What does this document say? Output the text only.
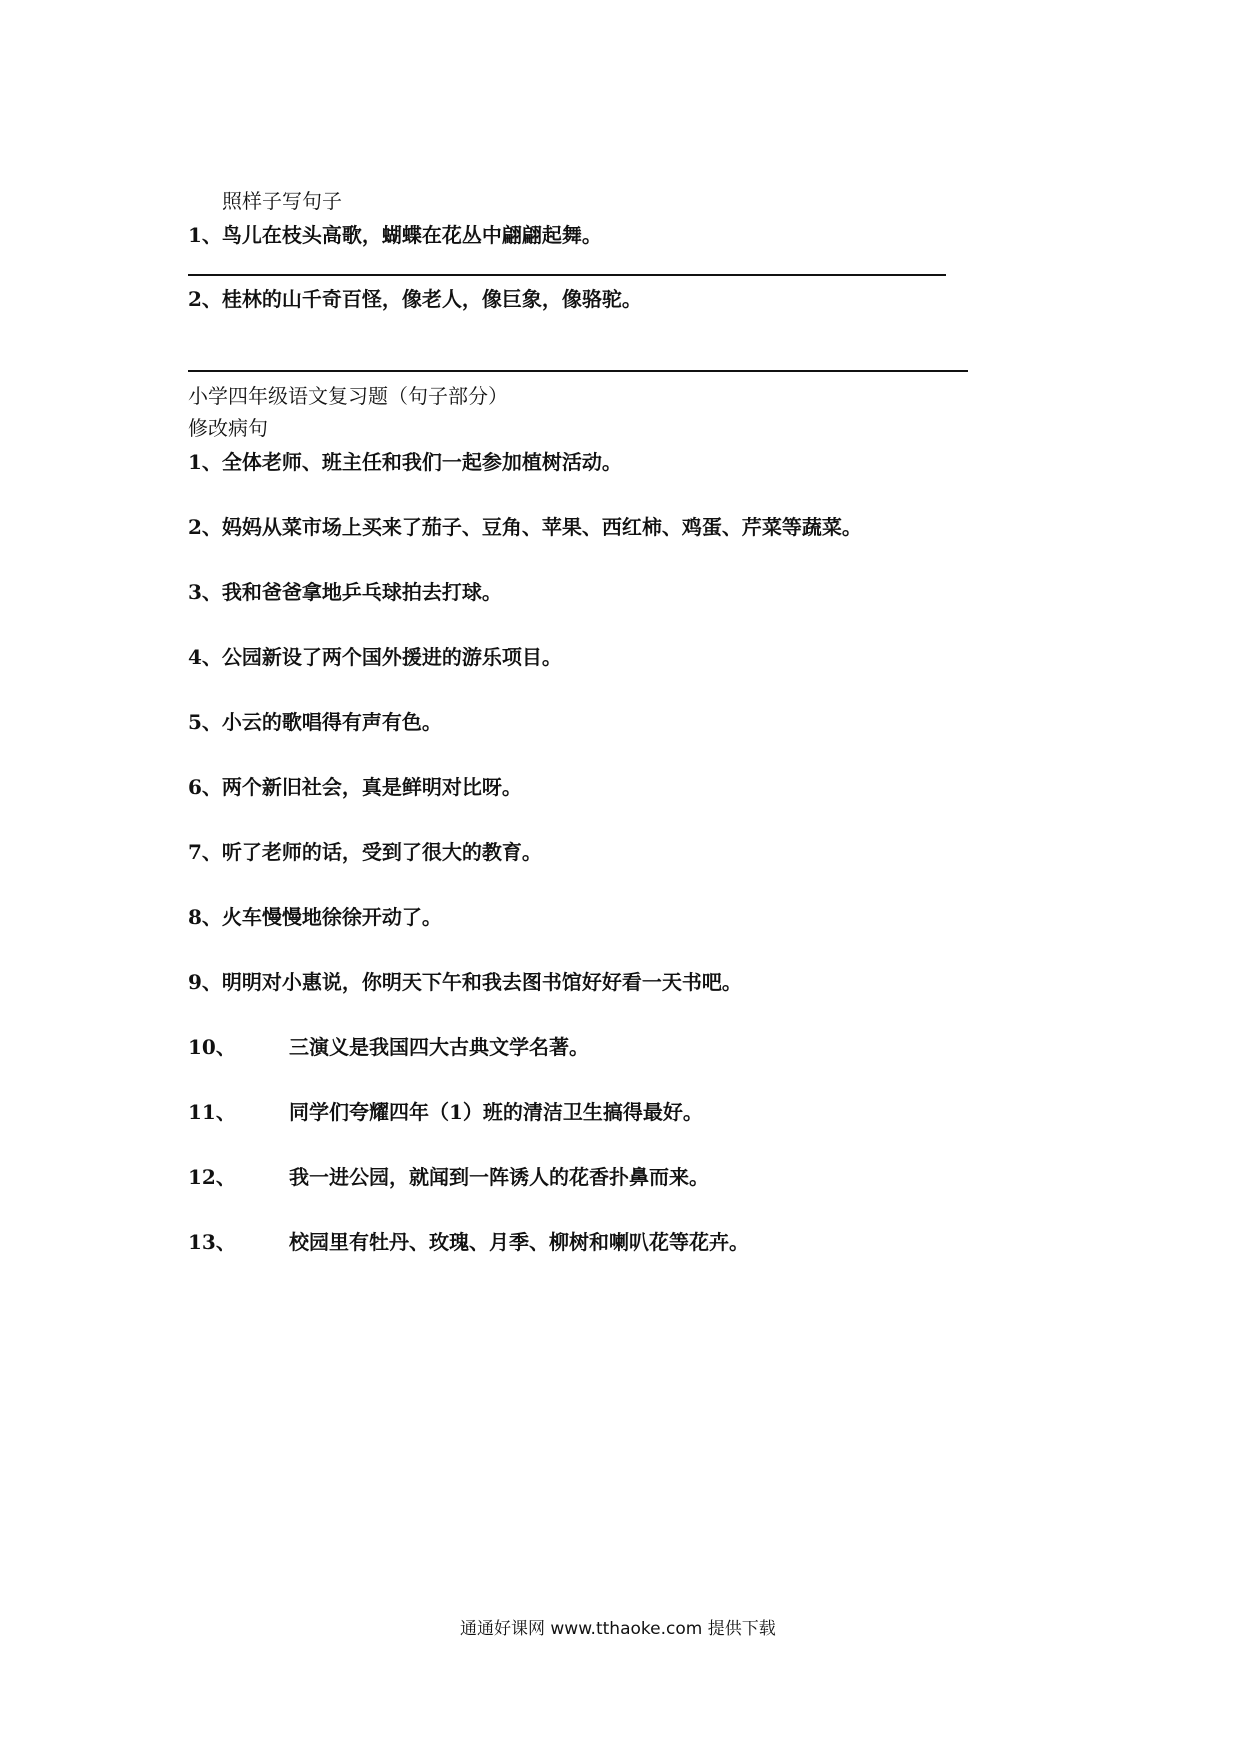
照样子写句子
1、鸟儿在枝头高歌，蝴蝶在花丛中翩翩起舞。
2、桂林的山千奇百怪，像老人，像巨象，像骆驼。
小学四年级语文复习题（句子部分）
修改病句
1、全体老师、班主任和我们一起参加植树活动。
2、妈妈从菜市场上买来了茄子、豆角、苹果、西红柿、鸡蛋、芹菜等蔬菜。
3、我和爸爸拿地乒乓球拍去打球。
4、公园新设了两个国外援进的游乐项目。
5、小云的歌唱得有声有色。
6、两个新旧社会，真是鲜明对比呀。
7、听了老师的话，受到了很大的教育。
8、火车慢慢地徐徐开动了。
9、明明对小惠说，你明天下午和我去图书馆好好看一天书吧。
10、	三演义是我国四大古典文学名著。
11、	同学们夸耀四年（1）班的清洁卫生搞得最好。
12、	我一进公园，就闻到一阵诱人的花香扑鼻而来。
13、	校园里有牡丹、玫瑰、月季、柳树和喇叭花等花卉。
通通好课网 www.tthaoke.com 提供下载
